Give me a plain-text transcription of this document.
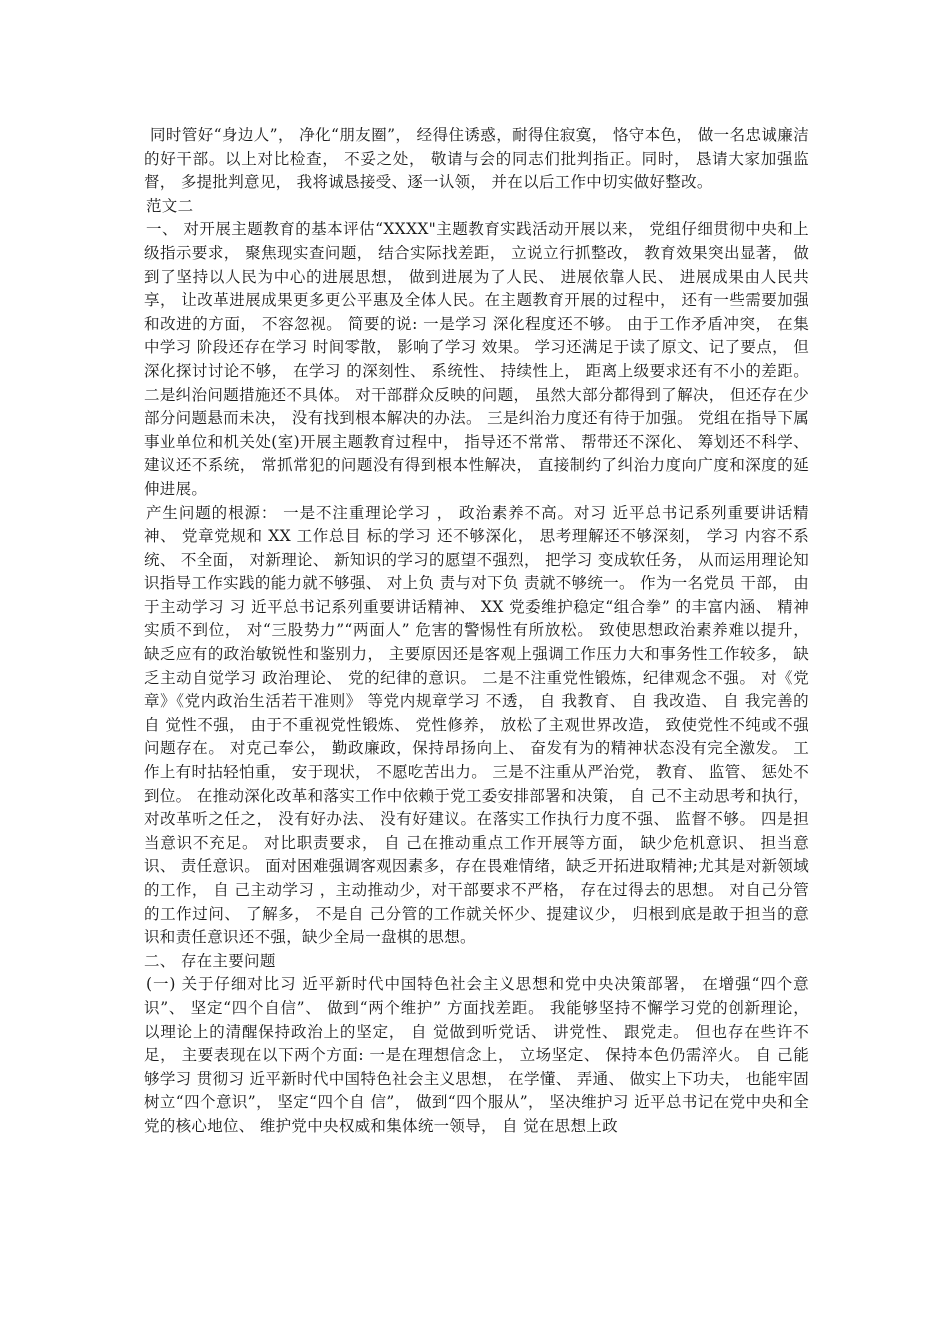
同时管好“身边人”， 净化“朋友圈”， 经得住诱惑，耐得住寂寞， 恪守本色， 做一名忠诚廉洁的好干部。以上对比检查， 不妥之处， 敬请与会的同志们批判指正。同时， 恳请大家加强监督， 多提批判意见， 我将诚恳接受、逐一认领， 并在以后工作中切实做好整改。

范文二

一、 对开展主题教育的基本评估“XXXX"主题教育实践活动开展以来， 党组仔细贯彻中央和上级指示要求， 聚焦现实查问题， 结合实际找差距， 立说立行抓整改， 教育效果突出显著， 做到了坚持以人民为中心的进展思想， 做到进展为了人民、 进展依靠人民、 进展成果由人民共享， 让改革进展成果更多更公平惠及全体人民。在主题教育开展的过程中， 还有一些需要加强和改进的方面， 不容忽视。 简要的说: 一是学习 深化程度还不够。 由于工作矛盾冲突， 在集中学习 阶段还存在学习 时间零散， 影响了学习 效果。 学习还满足于读了原文、记了要点， 但深化探讨讨论不够， 在学习 的深刻性、 系统性、 持续性上， 距离上级要求还有不小的差距。 二是纠治问题措施还不具体。 对干部群众反映的问题， 虽然大部分都得到了解决， 但还存在少部分问题悬而未决， 没有找到根本解决的办法。 三是纠治力度还有待于加强。 党组在指导下属事业单位和机关处(室)开展主题教育过程中， 指导还不常常、 帮带还不深化、 筹划还不科学、 建议还不系统， 常抓常犯的问题没有得到根本性解决， 直接制约了纠治力度向广度和深度的延伸进展。

产生问题的根源： 一是不注重理论学习 ， 政治素养不高。对习 近平总书记系列重要讲话精神、 党章党规和 XX 工作总目 标的学习 还不够深化， 思考理解还不够深刻， 学习 内容不系统、 不全面， 对新理论、 新知识的学习的愿望不强烈， 把学习 变成软任务， 从而运用理论知识指导工作实践的能力就不够强、 对上负 责与对下负 责就不够统一。 作为一名党员 干部， 由于主动学习 习 近平总书记系列重要讲话精神、 XX 党委维护稳定“组合拳” 的丰富内涵、 精神实质不到位， 对“三股势力”“两面人” 危害的警惕性有所放松。 致使思想政治素养难以提升， 缺乏应有的政治敏锐性和鉴别力， 主要原因还是客观上强调工作压力大和事务性工作较多， 缺乏主动自觉学习 政治理论、 党的纪律的意识。 二是不注重党性锻炼，纪律观念不强。 对《党章》《党内政治生活若干准则》 等党内规章学习 不透， 自 我教育、 自 我改造、 自 我完善的自 觉性不强， 由于不重视党性锻炼、 党性修养， 放松了主观世界改造， 致使党性不纯或不强问题存在。 对克己奉公， 勤政廉政，保持昂扬向上、 奋发有为的精神状态没有完全激发。 工作上有时拈轻怕重， 安于现状， 不愿吃苦出力。 三是不注重从严治党， 教育、 监管、 惩处不到位。 在推动深化改革和落实工作中依赖于党工委安排部署和决策， 自 己不主动思考和执行，对改革听之任之， 没有好办法、 没有好建议。在落实工作执行力度不强、 监督不够。 四是担当意识不充足。 对比职责要求， 自 己在推动重点工作开展等方面， 缺少危机意识、 担当意识、 责任意识。 面对困难强调客观因素多，存在畏难情绪，缺乏开拓进取精神;尤其是对新领域的工作， 自 己主动学习 ，主动推动少，对干部要求不严格， 存在过得去的思想。 对自己分管的工作过问、 了解多， 不是自 己分管的工作就关怀少、提建议少， 归根到底是敢于担当的意识和责任意识还不强，缺少全局一盘棋的思想。

二、 存在主要问题

(一) 关于仔细对比习 近平新时代中国特色社会主义思想和党中央决策部署， 在增强“四个意识”、 坚定“四个自信”、 做到“两个维护” 方面找差距。 我能够坚持不懈学习党的创新理论， 以理论上的清醒保持政治上的坚定， 自 觉做到听党话、 讲党性、 跟党走。 但也存在些许不足， 主要表现在以下两个方面: 一是在理想信念上， 立场坚定、 保持本色仍需淬火。 自 己能够学习 贯彻习 近平新时代中国特色社会主义思想， 在学懂、 弄通、 做实上下功夫， 也能牢固树立“四个意识”， 坚定“四个自 信”， 做到“四个服从”， 坚决维护习 近平总书记在党中央和全党的核心地位、 维护党中央权威和集体统一领导， 自 觉在思想上政
